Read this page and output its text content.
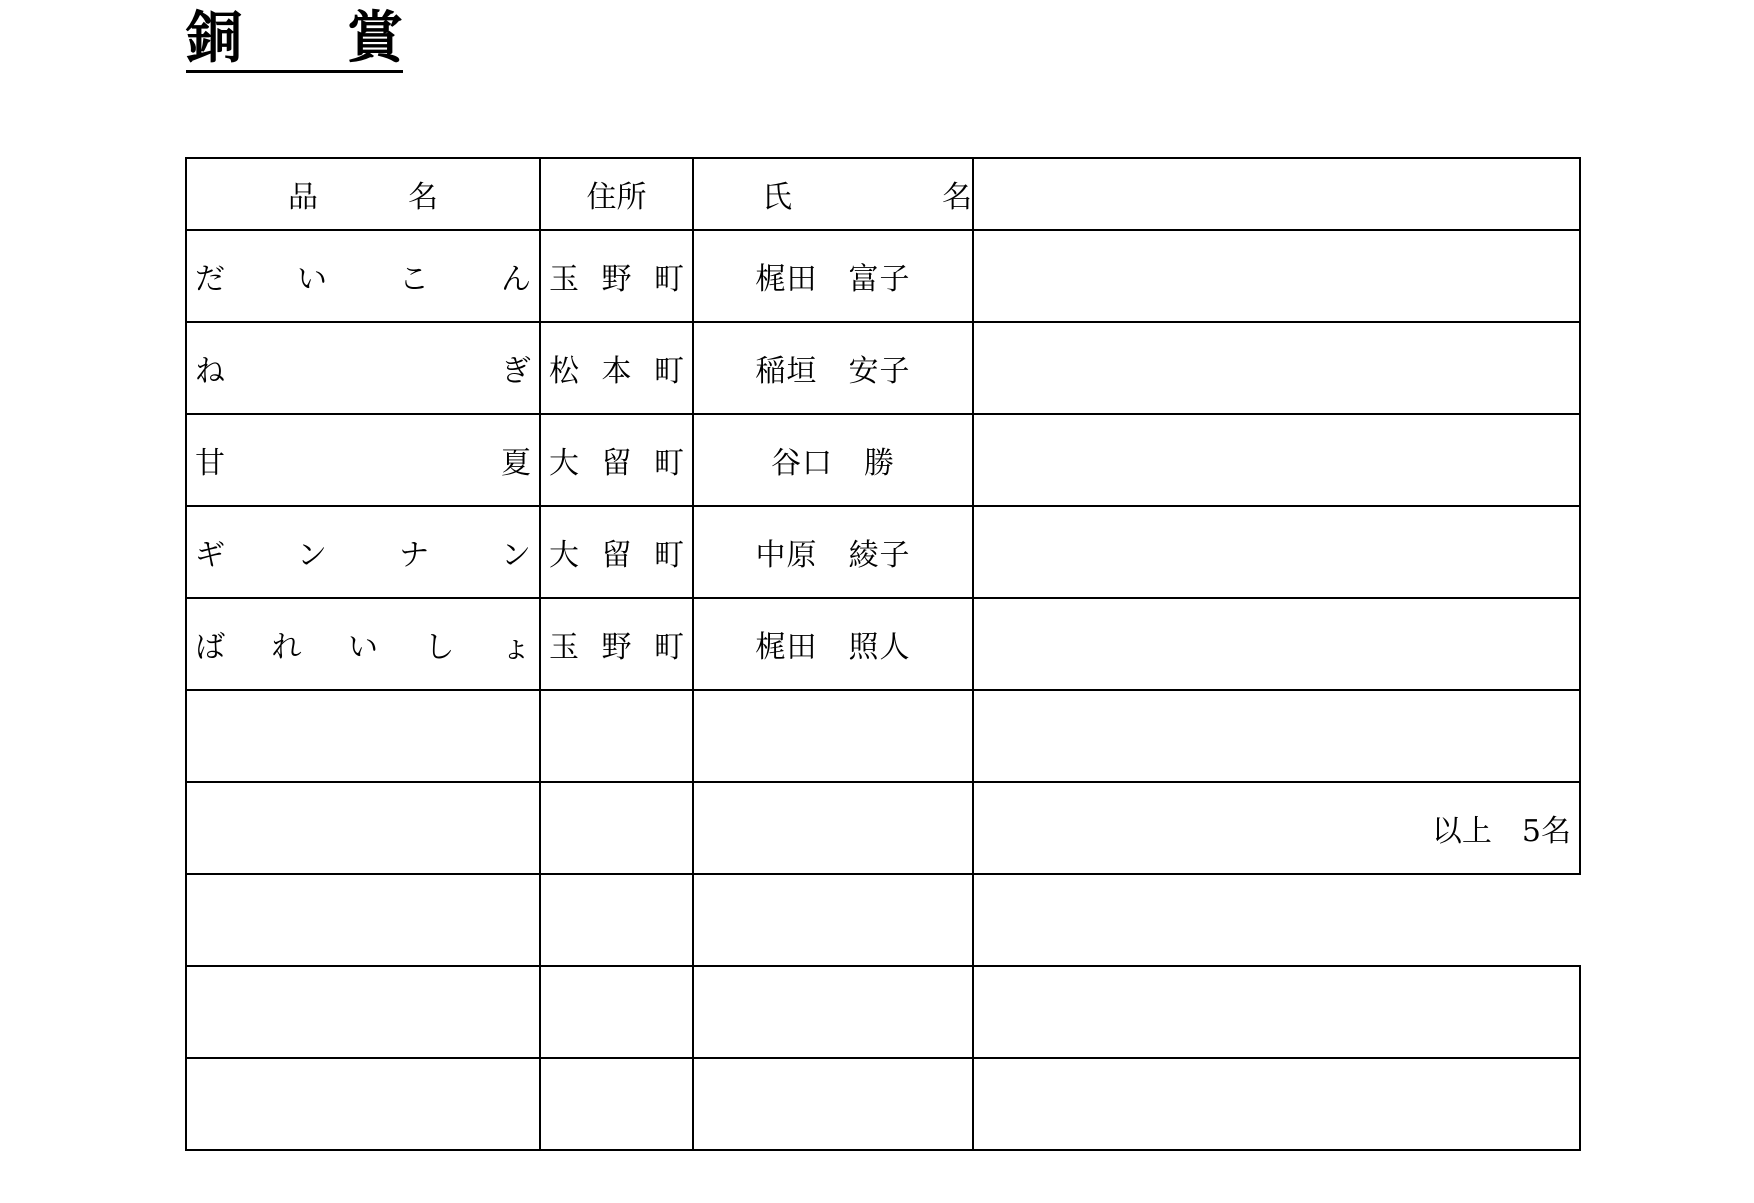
銅 賞
品　名	住所	氏　名	
だ い こ ん	玉 野 町	梶田　富子	
ね ぎ	松 本 町	稲垣　安子	
甘 夏	大 留 町	谷口　勝	
ギ ン ナ ン	大 留 町	中原　綾子	
ば れ い し ょ	玉 野 町	梶田　照人	

			以上　5名
